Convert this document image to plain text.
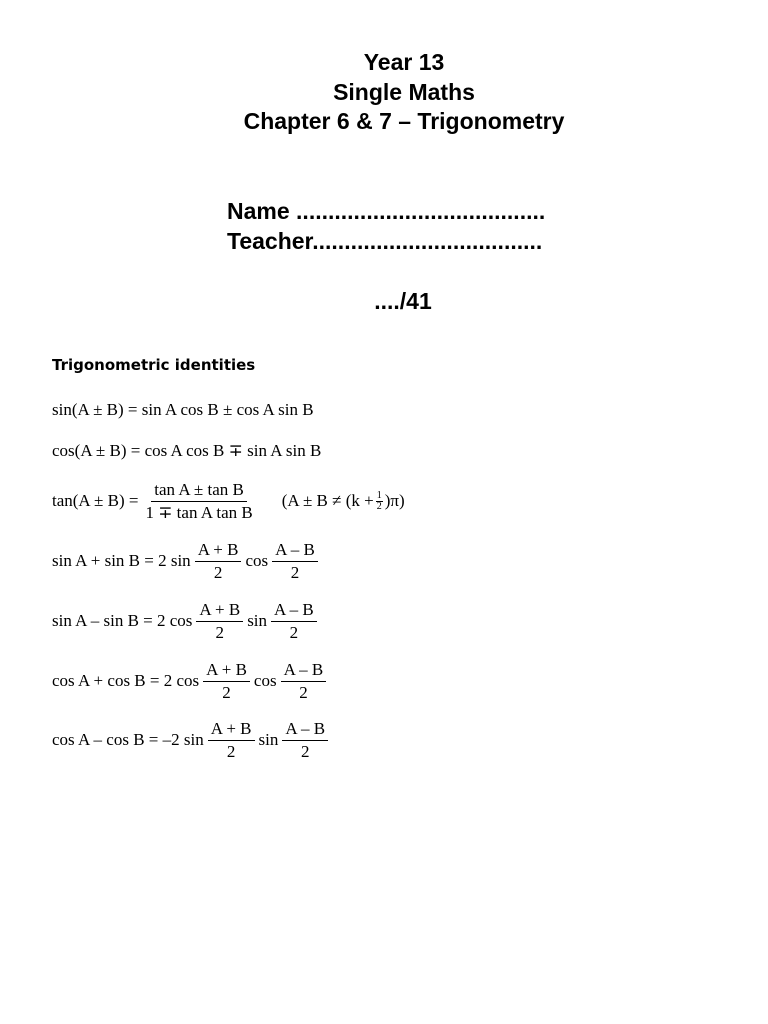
Year 13
Single Maths
Chapter 6 & 7 – Trigonometry
Name .......................................
Teacher....................................
..../41
Trigonometric identities
sin(A ± B) = sin A cos B ± cos A sin B
cos(A ± B) = cos A cos B ∓ sin A sin B
$\tan(A \pm B) = \frac{\text{tan A ± tan B}}{\text{1 ∓ tan A tan B}} (A \pm B \ne (k + \frac{1}{2} )\pi)$
sin A + sin B = 2 $\sin \frac{A + B}{2}$ $\cos \frac{A - B}{2}$
sin A – sin B = 2 $\cos \frac{A + B}{2}$ $\sin \frac{A - B}{2}$
cos A + cos B = 2 $\cos \frac{A + B}{2}$ $\cos \frac{A - B}{2}$
cos A – cos B = –2 $\sin \frac{A + B}{2}$ $\sin \frac{A - B}{2}$
